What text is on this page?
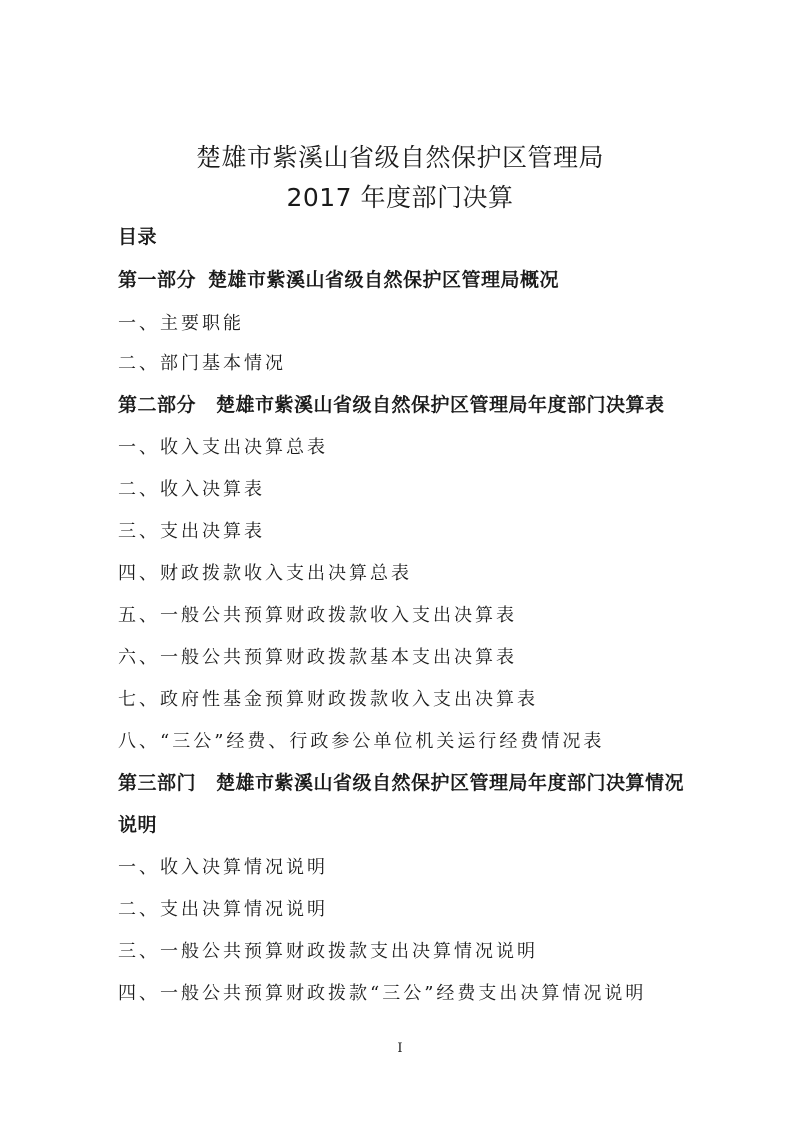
楚雄市紫溪山省级自然保护区管理局
2017 年度部门决算
目录
第一部分 楚雄市紫溪山省级自然保护区管理局概况
一、主要职能
二、部门基本情况
第二部分 楚雄市紫溪山省级自然保护区管理局年度部门决算表
一、收入支出决算总表
二、收入决算表
三、支出决算表
四、财政拨款收入支出决算总表
五、一般公共预算财政拨款收入支出决算表
六、一般公共预算财政拨款基本支出决算表
七、政府性基金预算财政拨款收入支出决算表
八、“三公”经费、行政参公单位机关运行经费情况表
第三部门 楚雄市紫溪山省级自然保护区管理局年度部门决算情况
说明
一、收入决算情况说明
二、支出决算情况说明
三、一般公共预算财政拨款支出决算情况说明
四、一般公共预算财政拨款“三公”经费支出决算情况说明
I
